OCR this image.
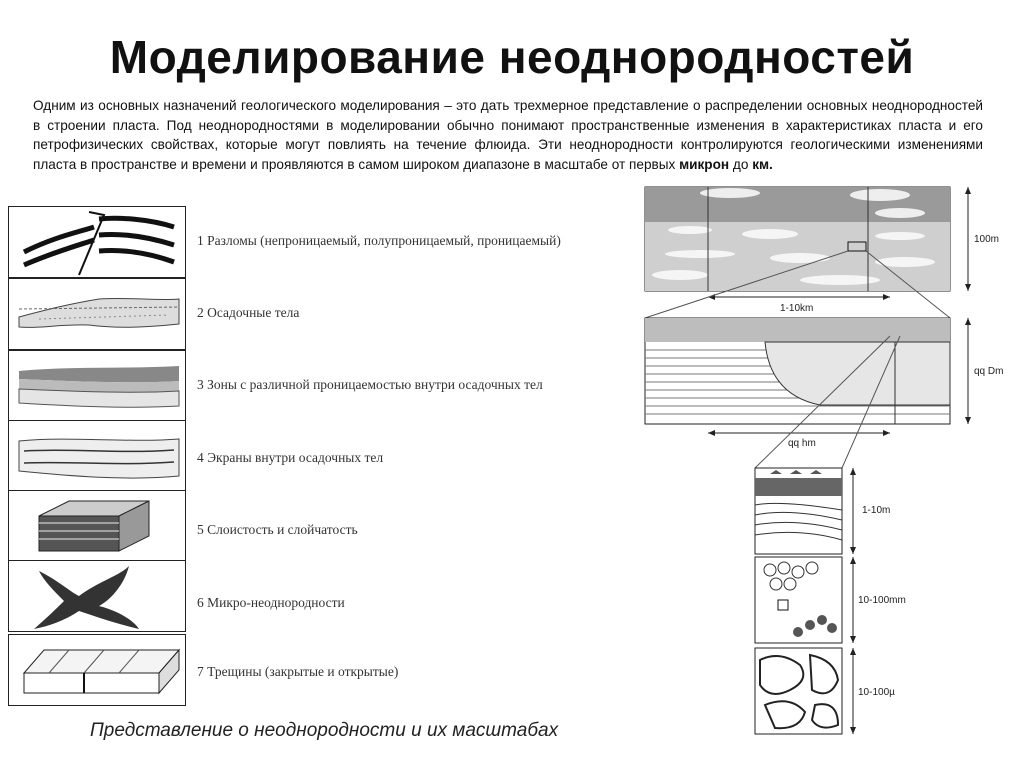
Моделирование неоднородностей
Одним из основных назначений геологического моделирования – это дать трехмерное представление о распределении основных неоднородностей в строении пласта. Под неоднородностями в моделировании обычно понимают пространственные изменения в характеристиках пласта и его петрофизических свойствах, которые могут повлиять на течение флюида. Эти неоднородности контролируются геологическими изменениями пласта в пространстве и времени и проявляются в самом широком диапазоне в масштабе от первых микрон до км.
1 Разломы (непроницаемый, полупроницаемый, проницаемый)
2 Осадочные тела
3 Зоны с различной проницаемостью внутри осадочных тел
4 Экраны внутри осадочных тел
5 Слоистость и слойчатость
6 Микро-неоднородности
7 Трещины (закрытые и открытые)
100m
1-10km
qq Dm
qq hm
1-10m
10-100mm
10-100µ
Представление о неоднородности и их масштабах
